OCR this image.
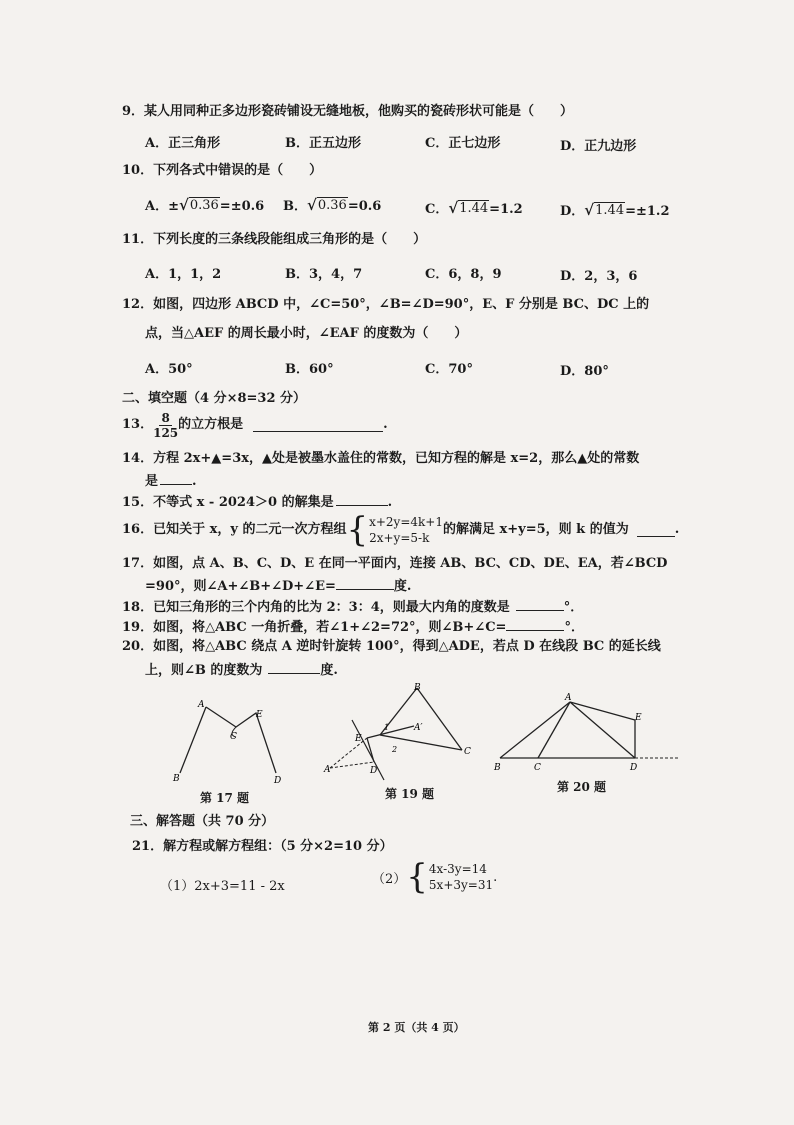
9．某人用同种正多边形瓷砖铺设无缝地板，他购买的瓷砖形状可能是（　　）
A．正三角形	B．正五边形	C．正七边形	D．正九边形
10．下列各式中错误的是（　　）
A．± √ 0.36 =±0.6 B． √ 0.36 =0.6	C． √ 1.44 =1.2	D． √ 1.44 =±1.2
11．下列长度的三条线段能组成三角形的是（　　）
A．1，1，2	B．3，4，7	C．6，8，9	D．2，3，6
12．如图，四边形 ABCD 中，∠C=50°，∠B=∠D=90°，E、F 分别是 BC、DC 上的
点，当△AEF 的周长最小时，∠EAF 的度数为（　　）
A．50°	B．60°	C．70°	D．80°
二、填空题（4 分×8=32 分）
13． $\frac{8}{125}$ 的立方根是	.
14．方程 2x+▲=3x，▲处是被墨水盖住的常数，已知方程的解是 x=2，那么▲处的常数
是	.
15．不等式 x - 2024＞0 的解集是	.
16．已知关于 x，y 的二元一次方程组 { x+2y=4k+1
2x+y=5-k
的解满足 x+y=5，则 k 的值为	.
17．如图，点 A、B、C、D、E 在同一平面内，连接 AB、BC、CD、DE、EA，若∠BCD
=90°，则∠A+∠B+∠D+∠E=	度.
18．已知三角形的三个内角的比为 2：3：4，则最大内角的度数是	°．
19．如图，将△ABC 一角折叠，若∠1+∠2=72°，则∠B+∠C=	°．
20．如图，将△ABC 绕点 A 逆时针旋转 100°，得到△ADE，若点 D 在线段 BC 的延长线
上，则∠B 的度数为	度.
A
B
C
D
E
第 17 题
B
E
A′
C
A	D
1
2
第 19 题
A
B	C	D
E
第 20 题
三、解答题（共 70 分）
21．解方程或解方程组：（5 分×2=10 分）
（1）2x+3=11 - 2x	（2） { 4x-3y=14
5x+3y=31
.
第 2 页（共 4 页）
